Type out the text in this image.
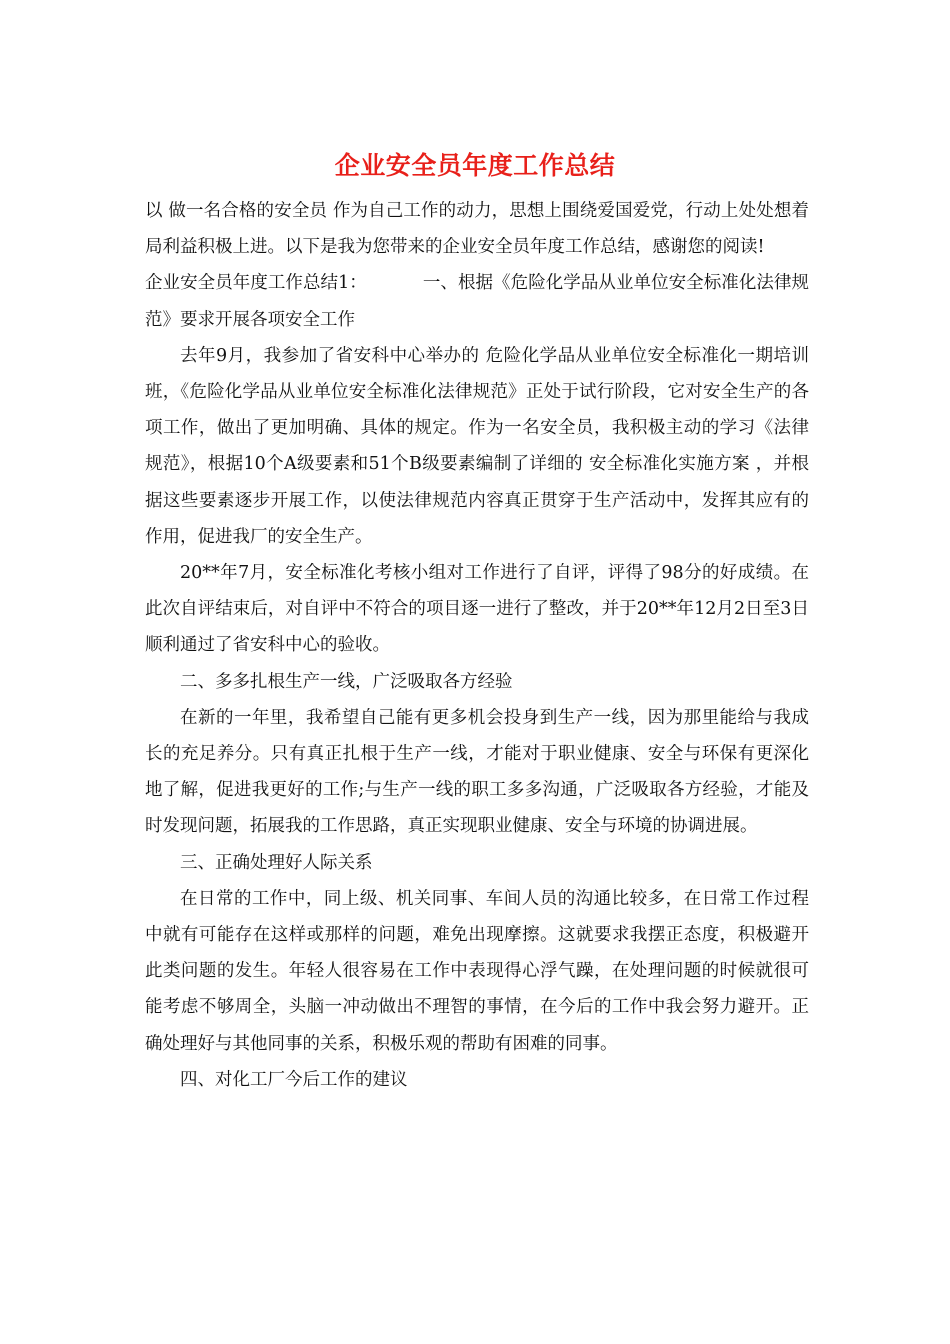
企业安全员年度工作总结

以 做一名合格的安全员 作为自己工作的动力，思想上围绕爱国爱党，行动上处处想着局利益积极上进。以下是我为您带来的企业安全员年度工作总结，感谢您的阅读!

企业安全员年度工作总结1：	一、根据《危险化学品从业单位安全标准化法律规范》要求开展各项安全工作

去年9月，我参加了省安科中心举办的 危险化学品从业单位安全标准化一期培训班，《危险化学品从业单位安全标准化法律规范》正处于试行阶段，它对安全生产的各项工作，做出了更加明确、具体的规定。作为一名安全员，我积极主动的学习《法律规范》，根据10个A级要素和51个B级要素编制了详细的 安全标准化实施方案 ，并根据这些要素逐步开展工作，以使法律规范内容真正贯穿于生产活动中，发挥其应有的作用，促进我厂的安全生产。

20**年7月，安全标准化考核小组对工作进行了自评，评得了98分的好成绩。在此次自评结束后，对自评中不符合的项目逐一进行了整改，并于20**年12月2日至3日顺利通过了省安科中心的验收。

二、多多扎根生产一线，广泛吸取各方经验

在新的一年里，我希望自己能有更多机会投身到生产一线，因为那里能给与我成长的充足养分。只有真正扎根于生产一线，才能对于职业健康、安全与环保有更深化地了解，促进我更好的工作;与生产一线的职工多多沟通，广泛吸取各方经验，才能及时发现问题，拓展我的工作思路，真正实现职业健康、安全与环境的协调进展。

三、正确处理好人际关系

在日常的工作中，同上级、机关同事、车间人员的沟通比较多，在日常工作过程中就有可能存在这样或那样的问题，难免出现摩擦。这就要求我摆正态度，积极避开此类问题的发生。年轻人很容易在工作中表现得心浮气躁，在处理问题的时候就很可能考虑不够周全，头脑一冲动做出不理智的事情，在今后的工作中我会努力避开。正确处理好与其他同事的关系，积极乐观的帮助有困难的同事。

四、对化工厂今后工作的建议
